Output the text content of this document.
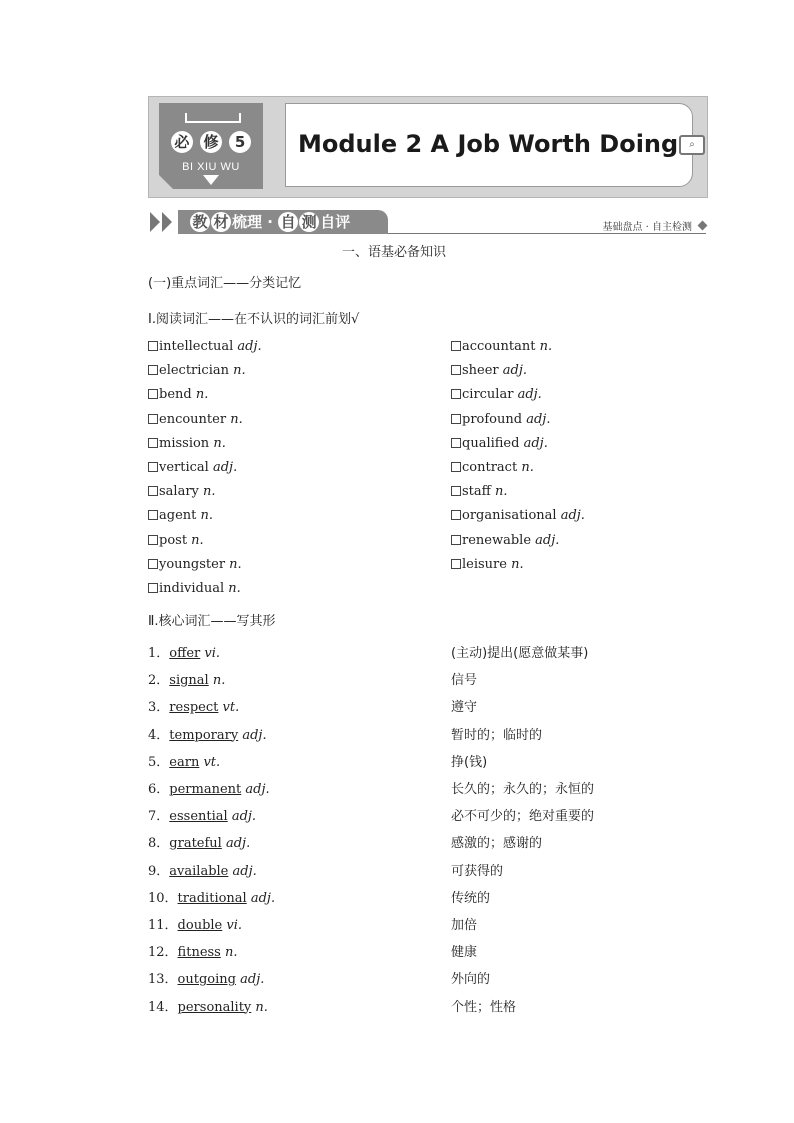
必 修 5
BI XIU WU
Module 2 A Job Worth Doing	⌕
教 材 梳理 · 自 测 自评	基础盘点 · 自主检测
一、语基必备知识
(一)重点词汇——分类记忆
Ⅰ.阅读词汇——在不认识的词汇前划√
intellectual adj.
electrician n.
bend n.
encounter n.
mission n.
vertical adj.
salary n.
agent n.
post n.
youngster n.
individual n.
accountant n.
sheer adj.
circular adj.
profound adj.
qualified adj.
contract n.
staff n.
organisational adj.
renewable adj.
leisure n.
Ⅱ.核心词汇——写其形
1．offer vi.	(主动)提出(愿意做某事)
2．signal n.	信号
3．respect vt.	遵守
4．temporary adj.	暂时的；临时的
5．earn vt.	挣(钱)
6．permanent adj.	长久的；永久的；永恒的
7．essential adj.	必不可少的；绝对重要的
8．grateful adj.	感激的；感谢的
9．available adj.	可获得的
10．traditional adj.	传统的
11．double vi.	加倍
12．fitness n.	健康
13．outgoing adj.	外向的
14．personality n.	个性；性格
